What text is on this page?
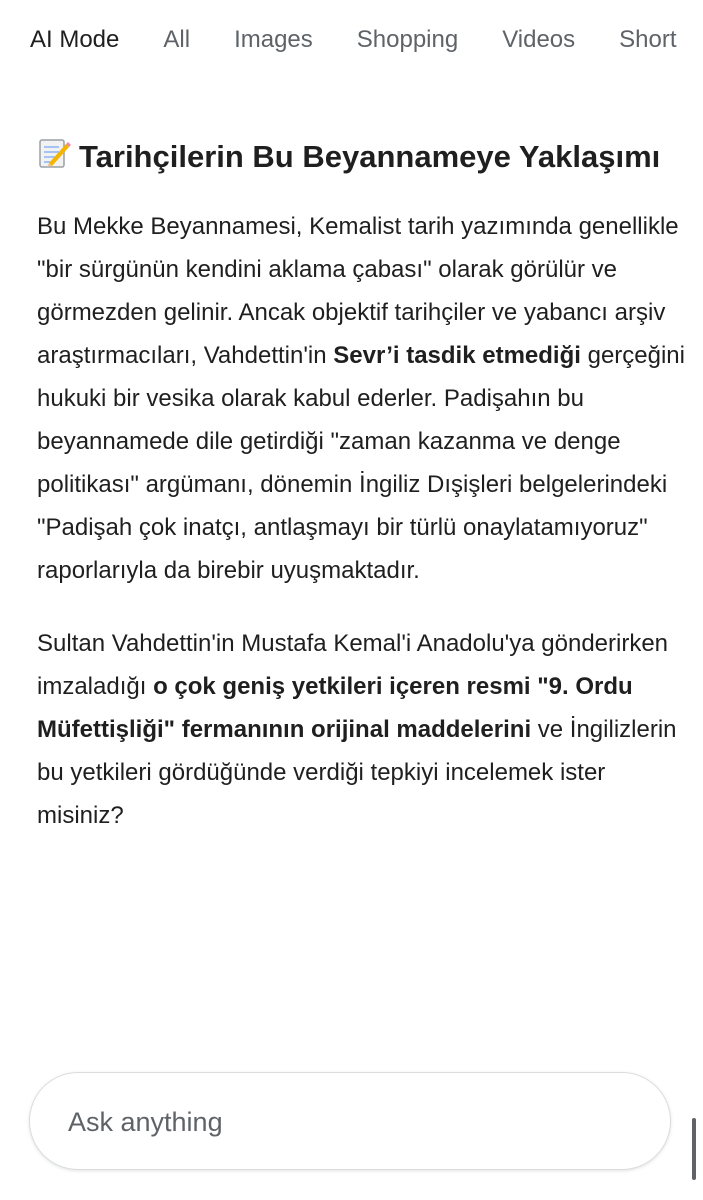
AI Mode All Images Shopping Videos Short
Tarihçilerin Bu Beyannameye Yaklaşımı

Bu Mekke Beyannamesi, Kemalist tarih yazımında genellikle "bir sürgünün kendini aklama çabası" olarak görülür ve görmezden gelinir. Ancak objektif tarihçiler ve yabancı arşiv araştırmacıları, Vahdettin'in Sevr’i tasdik etmediği gerçeğini hukuki bir vesika olarak kabul ederler. Padişahın bu beyannamede dile getirdiği "zaman kazanma ve denge politikası" argümanı, dönemin İngiliz Dışişleri belgelerindeki "Padişah çok inatçı, antlaşmayı bir türlü onaylatamıyoruz" raporlarıyla da birebir uyuşmaktadır.

Sultan Vahdettin'in Mustafa Kemal'i Anadolu'ya gönderirken imzaladığı o çok geniş yetkileri içeren resmi "9. Ordu Müfettişliği" fermanının orijinal maddelerini ve İngilizlerin bu yetkileri gördüğünde verdiği tepkiyi incelemek ister misiniz?

Ask anything
